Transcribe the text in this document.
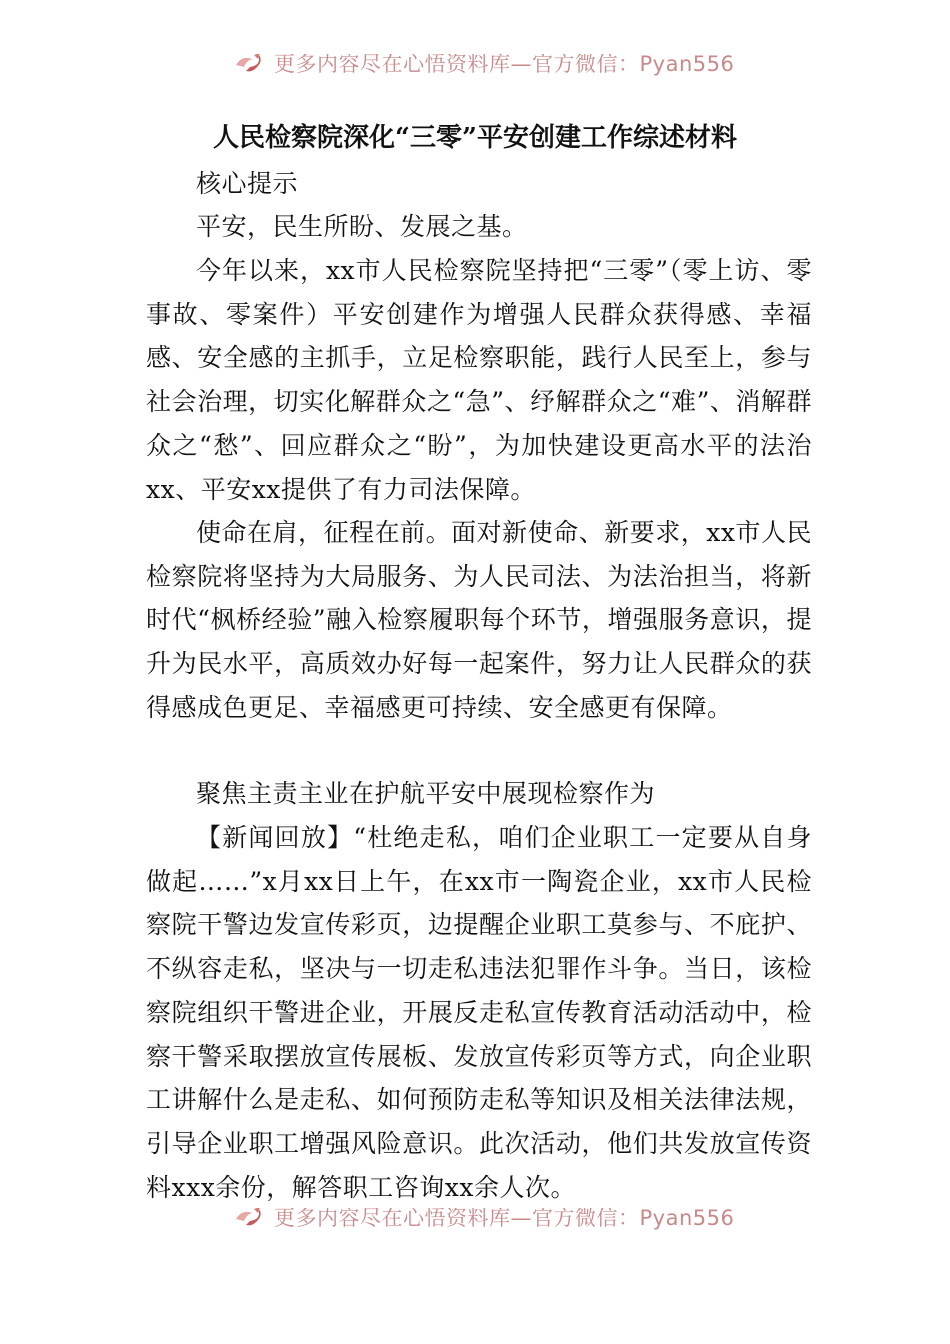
更多内容尽在心悟资料库—官方微信：Pyan556
人民检察院深化“三零”平安创建工作综述材料

核心提示

平安，民生所盼、发展之基。

今年以来，xx市人民检察院坚持把“三零”（零上访、零事故、零案件）平安创建作为增强人民群众获得感、幸福感、安全感的主抓手，立足检察职能，践行人民至上，参与社会治理，切实化解群众之“急”、纾解群众之“难”、消解群众之“愁”、回应群众之“盼”，为加快建设更高水平的法治xx、平安xx提供了有力司法保障。

使命在肩，征程在前。面对新使命、新要求，xx市人民检察院将坚持为大局服务、为人民司法、为法治担当，将新时代“枫桥经验”融入检察履职每个环节，增强服务意识，提升为民水平，高质效办好每一起案件，努力让人民群众的获得感成色更足、幸福感更可持续、安全感更有保障。

聚焦主责主业在护航平安中展现检察作为

【新闻回放】“杜绝走私，咱们企业职工一定要从自身做起……”x月xx日上午，在xx市一陶瓷企业，xx市人民检察院干警边发宣传彩页，边提醒企业职工莫参与、不庇护、不纵容走私，坚决与一切走私违法犯罪作斗争。当日，该检察院组织干警进企业，开展反走私宣传教育活动活动中，检察干警采取摆放宣传展板、发放宣传彩页等方式，向企业职工讲解什么是走私、如何预防走私等知识及相关法律法规，引导企业职工增强风险意识。此次活动，他们共发放宣传资料xxx余份，解答职工咨询xx余人次。

更多内容尽在心悟资料库—官方微信：Pyan556
